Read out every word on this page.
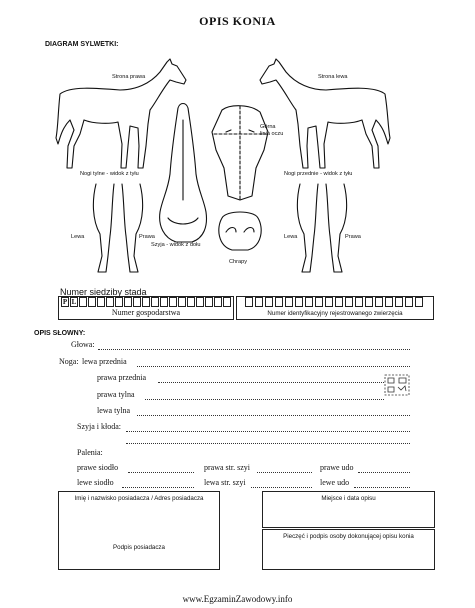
OPIS KONIA
DIAGRAM SYLWETKI:
Strona prawa	Strona lewa
Górna
linia oczu
Nogi tylne - widok z tyłu	Nogi przednie - widok z tyłu
Lewa	Prawa
Szyja - widok z dołu
Chrapy
Lewa	Prawa
Numer siedziby stada
P L
Numer gospodarstwa	Numer identyfikacyjny rejestrowanego zwierzęcia
OPIS SŁOWNY:
Głowa:
Noga: lewa przednia
prawa przednia
prawa tylna
lewa tylna
Szyja i kłoda:
Palenia:
prawe siodło	prawa str. szyi	prawe udo
lewe siodło	lewa str. szyi	lewe udo
Imię i nazwisko posiadacza / Adres posiadacza
Podpis posiadacza
Miejsce i data opisu
Pieczęć i podpis osoby dokonującej opisu konia
www.EgzaminZawodowy.info
